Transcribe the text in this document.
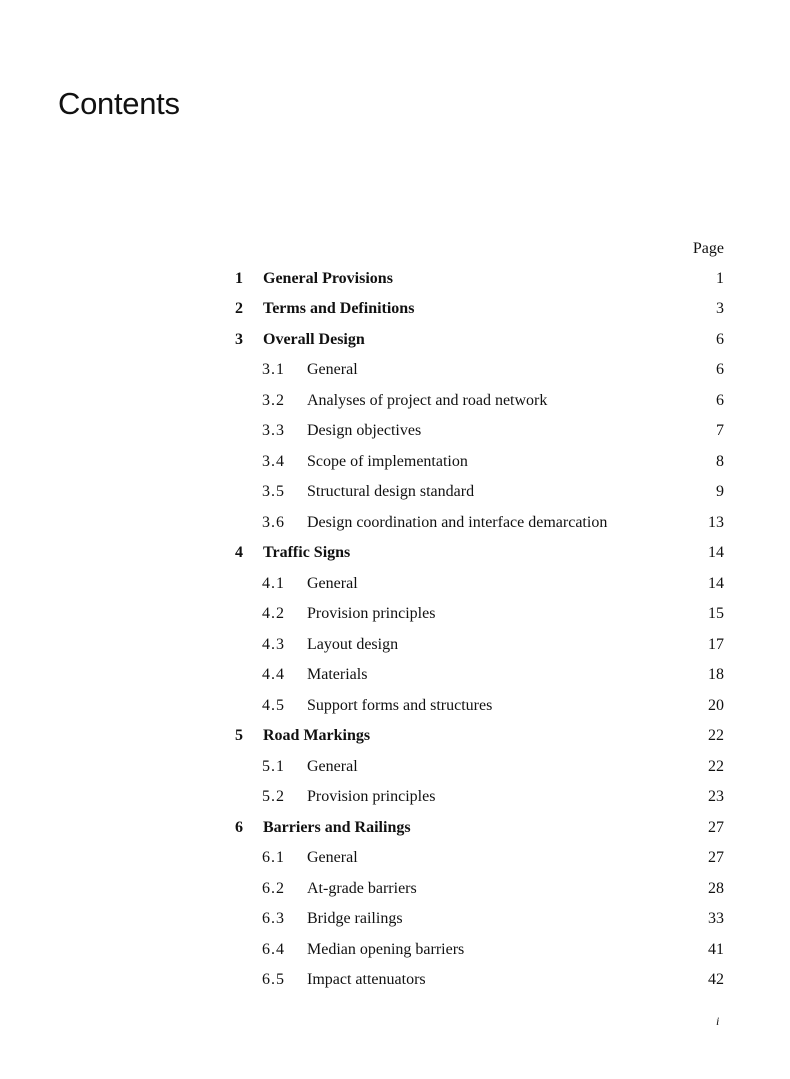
Contents
Page
1 General Provisions	1
2 Terms and Definitions	3
3 Overall Design	6
3.1 General	6
3.2 Analyses of project and road network	6
3.3 Design objectives	7
3.4 Scope of implementation	8
3.5 Structural design standard	9
3.6 Design coordination and interface demarcation	13
4 Traffic Signs	14
4.1 General	14
4.2 Provision principles	15
4.3 Layout design	17
4.4 Materials	18
4.5 Support forms and structures	20
5 Road Markings	22
5.1 General	22
5.2 Provision principles	23
6 Barriers and Railings	27
6.1 General	27
6.2 At-grade barriers	28
6.3 Bridge railings	33
6.4 Median opening barriers	41
6.5 Impact attenuators	42
i
